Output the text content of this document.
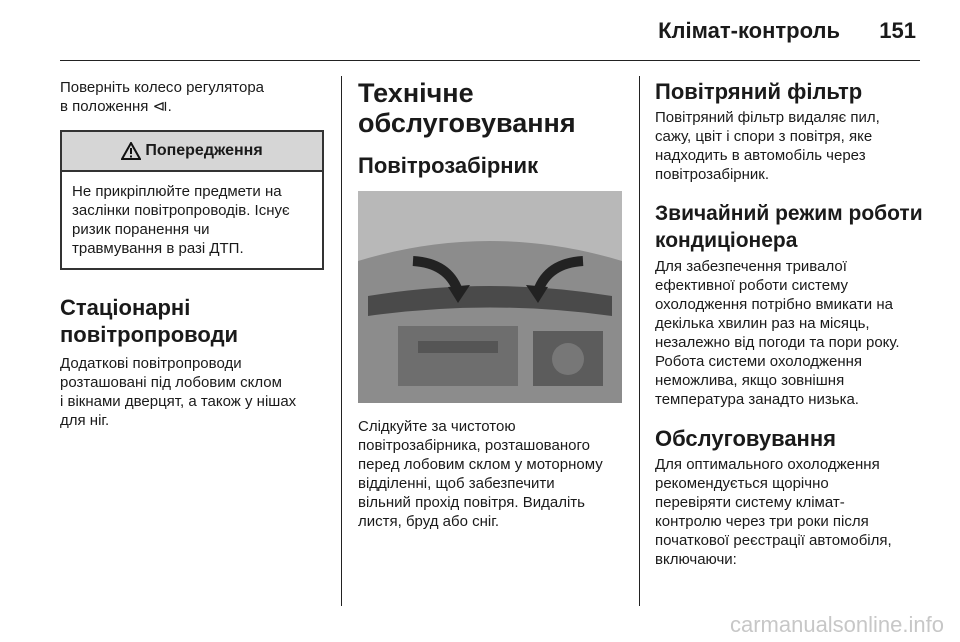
Клімат-контроль 151

Поверніть колесо регулятора

в положення ⧏.

Попередження

Не прикріплюйте предмети на

заслінки повітропроводів. Існує

ризик поранення чи

травмування в разі ДТП.

Стаціонарні
повітропроводи

Додаткові повітропроводи

розташовані під лобовим склом

і вікнами дверцят, а також у нішах

для ніг.

Технічне
обслуговування
Повітрозабірник

Слідкуйте за чистотою

повітрозабірника, розташованого

перед лобовим склом у моторному

відділенні, щоб забезпечити

вільний прохід повітря. Видаліть

листя, бруд або сніг.

Повітряний фільтр

Повітряний фільтр видаляє пил,

сажу, цвіт і спори з повітря, яке

надходить в автомобіль через

повітрозабірник.

Звичайний режим роботи
кондиціонера

Для забезпечення тривалої

ефективної роботи систему

охолодження потрібно вмикати на

декілька хвилин раз на місяць,

незалежно від погоди та пори року.

Робота системи охолодження

неможлива, якщо зовнішня

температура занадто низька.

Обслуговування

Для оптимального охолодження

рекомендується щорічно

перевіряти систему клімат-

контролю через три роки після

початкової реєстрації автомобіля,

включаючи:

carmanualsonline.info
